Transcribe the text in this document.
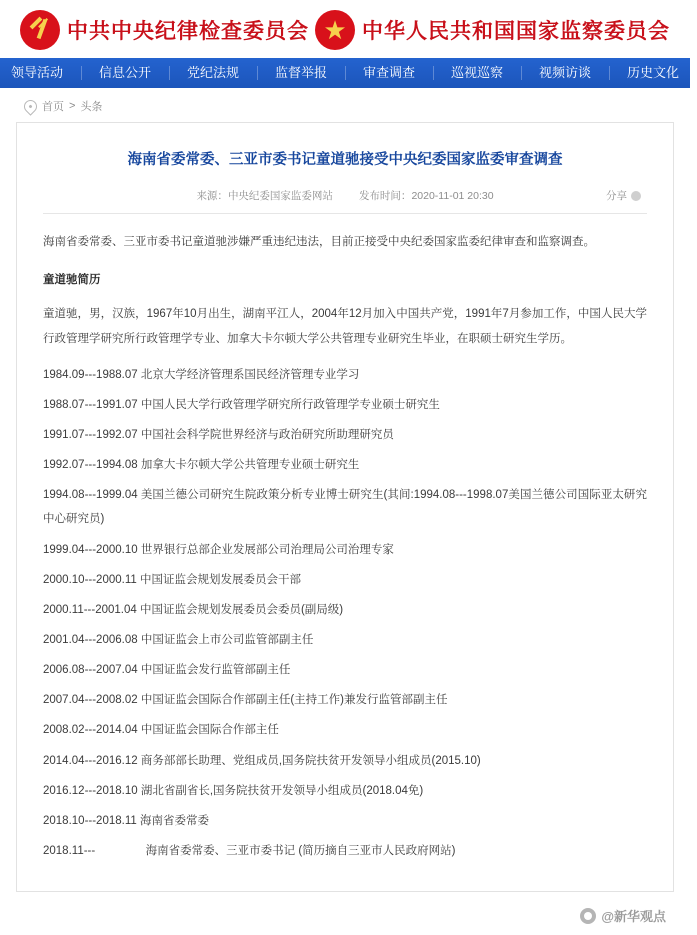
中共中央纪律检查委员会 ★ 中华人民共和国国家监察委员会
领导活动	信息公开	党纪法规	监督举报	审查调查	巡视巡察	视频访谈	历史文化
首页 > 头条
海南省委常委、三亚市委书记童道驰接受中央纪委国家监委审查调查
来源：中央纪委国家监委网站 发布时间：2020-11-01 20:30	分享

海南省委常委、三亚市委书记童道驰涉嫌严重违纪违法，目前正接受中央纪委国家监委纪律审查和监察调查。

童道驰简历

童道驰，男，汉族，1967年10月出生，湖南平江人，2004年12月加入中国共产党，1991年7月参加工作，中国人民大学行政管理学研究所行政管理学专业、加拿大卡尔顿大学公共管理专业研究生毕业，在职硕士研究生学历。

1984.09---1988.07 北京大学经济管理系国民经济管理专业学习

1988.07---1991.07 中国人民大学行政管理学研究所行政管理学专业硕士研究生

1991.07---1992.07 中国社会科学院世界经济与政治研究所助理研究员

1992.07---1994.08 加拿大卡尔顿大学公共管理专业硕士研究生

1994.08---1999.04 美国兰德公司研究生院政策分析专业博士研究生(其间:1994.08---1998.07美国兰德公司国际亚太研究中心研究员)

1999.04---2000.10 世界银行总部企业发展部公司治理局公司治理专家

2000.10---2000.11 中国证监会规划发展委员会干部

2000.11---2001.04 中国证监会规划发展委员会委员(副局级)

2001.04---2006.08 中国证监会上市公司监管部副主任

2006.08---2007.04 中国证监会发行监管部副主任

2007.04---2008.02 中国证监会国际合作部副主任(主持工作)兼发行监管部副主任

2008.02---2014.04 中国证监会国际合作部主任

2014.04---2016.12 商务部部长助理、党组成员,国务院扶贫开发领导小组成员(2015.10)

2016.12---2018.10 湖北省副省长,国务院扶贫开发领导小组成员(2018.04免)

2018.10---2018.11 海南省委常委

2018.11---	海南省委常委、三亚市委书记 (简历摘自三亚市人民政府网站)

@新华观点
